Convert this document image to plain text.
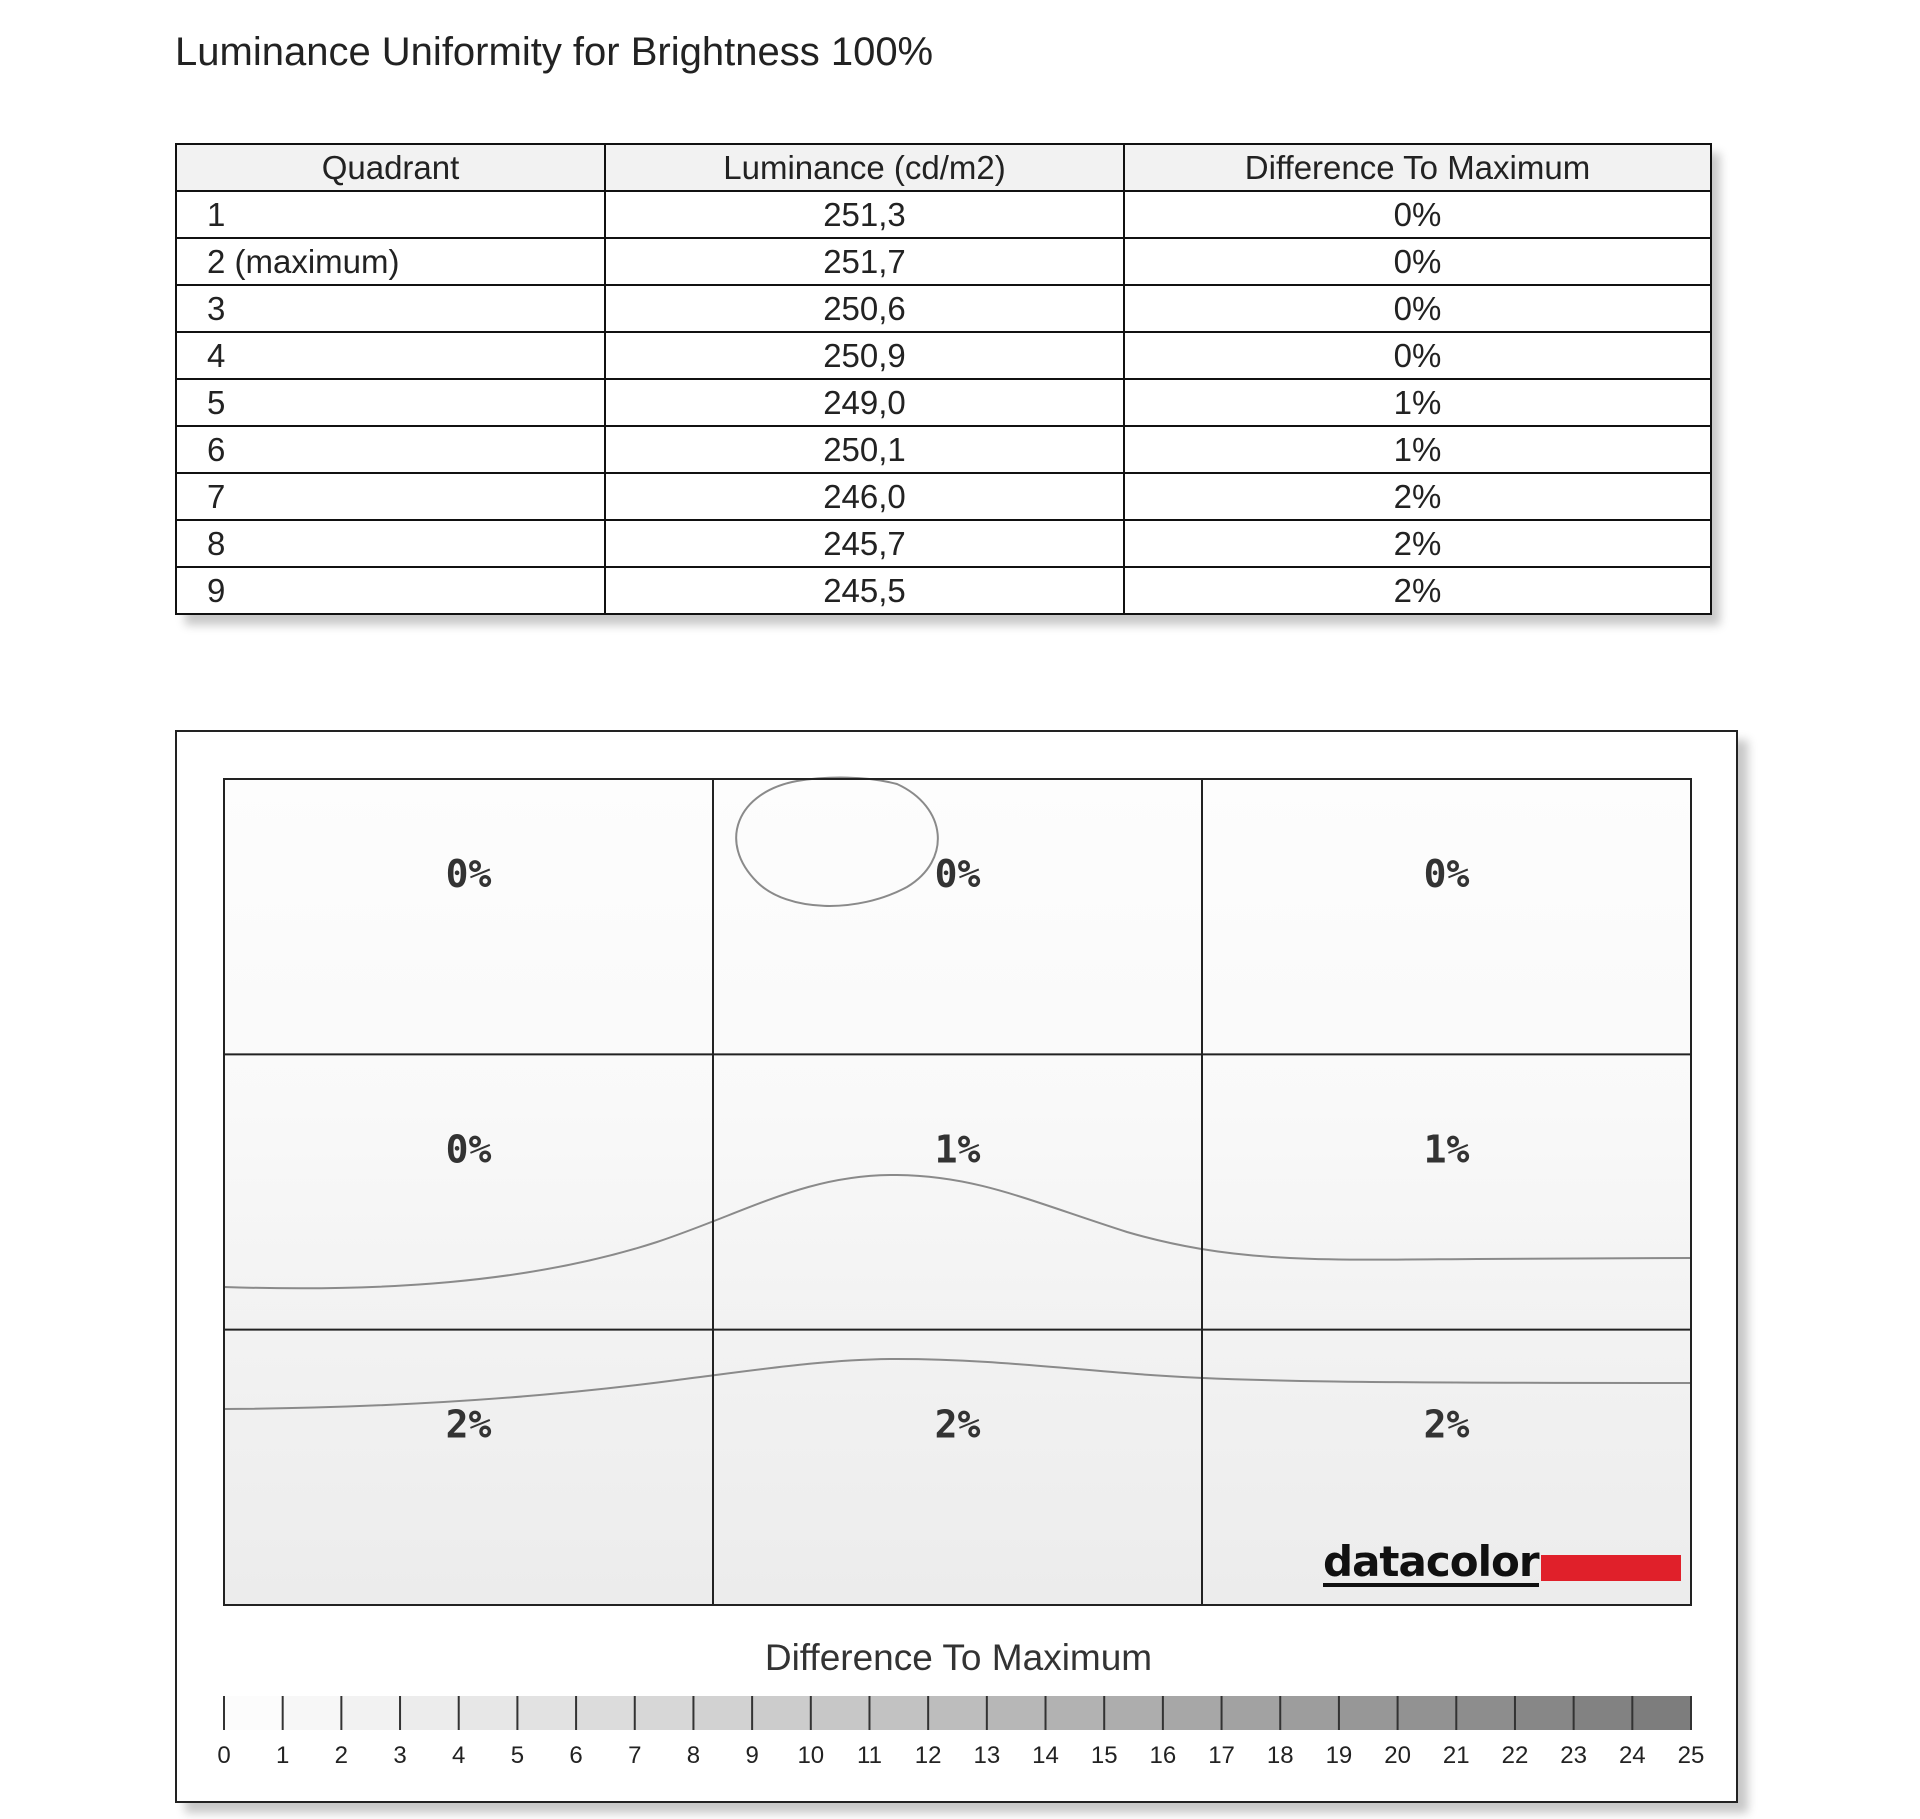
Luminance Uniformity for Brightness 100%
Quadrant	Luminance (cd/m2)	Difference To Maximum
1	251,3	0%
2 (maximum)	251,7	0%
3	250,6	0%
4	250,9	0%
5	249,0	1%
6	250,1	1%
7	246,0	2%
8	245,7	2%
9	245,5	2%
0%	0%	0%
0%	1%	1%
2%	2%	2%
0 1 2 3 4 5 6 7 8 9 10 11 12 13 14 15 16 17 18 19 20 21 22 23 24 25
datacolor
Difference To Maximum
